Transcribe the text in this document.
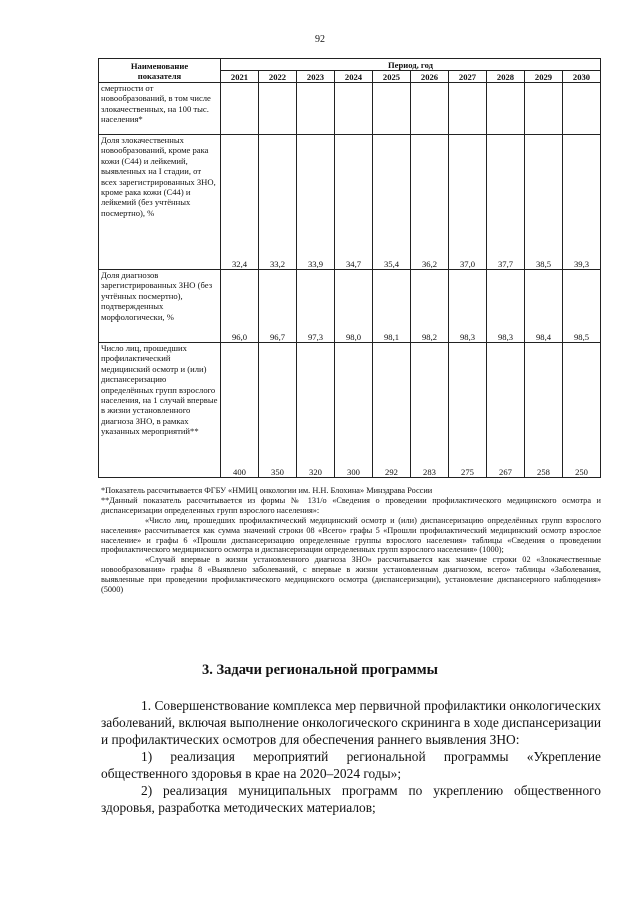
92
Наименование
показателя	Период, год									
	2021	2022	2023	2024	2025	2026	2027	2028	2029	2030
смертности от новообразований, в том числе злокачественных, на 100 тыс. населения*										
Доля злокачественных новообразований, кроме рака кожи (С44) и лейкемий, выявленных на I стадии, от всех зарегистрированных ЗНО, кроме рака кожи (С44) и лейкемий (без учтённых посмертно), %	32,4	33,2	33,9	34,7	35,4	36,2	37,0	37,7	38,5	39,3
Доля диагнозов зарегистрированных ЗНО (без учтённых посмертно), подтвержденных морфологически, %	96,0	96,7	97,3	98,0	98,1	98,2	98,3	98,3	98,4	98,5
Число лиц, прошедших профилактический медицинский осмотр и (или) диспансеризацию определённых групп взрослого населения, на 1 случай впервые в жизни установленного диагноза ЗНО, в рамках указанных мероприятий**	400	350	320	300	292	283	275	267	258	250

*Показатель рассчитывается ФГБУ «НМИЦ онкологии им. Н.Н. Блохина» Минздрава России

**Данный показатель рассчитывается из формы № 131/о «Сведения о проведении профилактического медицинского осмотра и диспансеризации определенных групп взрослого населения»:

«Число лиц, прошедших профилактический медицинский осмотр и (или) диспансеризацию определённых групп взрослого населения» рассчитывается как сумма значений строки 08 «Всего» графы 5 «Прошли профилактический медицинский осмотр взрослое население» и графы 6 «Прошли диспансеризацию определенные группы взрослого населения» таблицы «Сведения о проведении профилактического медицинского осмотра и диспансеризации определенных групп взрослого населения» (1000);

«Случай впервые в жизни установленного диагноза ЗНО» рассчитывается как значение строки 02 «Злокачественные новообразования» графы 8 «Выявлено заболеваний, с впервые в жизни установленным диагнозом, всего» таблицы «Заболевания, выявленные при проведении профилактического медицинского осмотра (диспансеризации), установление диспансерного наблюдения» (5000)

3. Задачи региональной программы

1. Совершенствование комплекса мер первичной профилактики онкологических заболеваний, включая выполнение онкологического скрининга в ходе диспансеризации и профилактических осмотров для обеспечения раннего выявления ЗНО:

1) реализация мероприятий региональной программы «Укрепление общественного здоровья в крае на 2020–2024 годы»;

2) реализация муниципальных программ по укреплению общественного здоровья, разработка методических материалов;
